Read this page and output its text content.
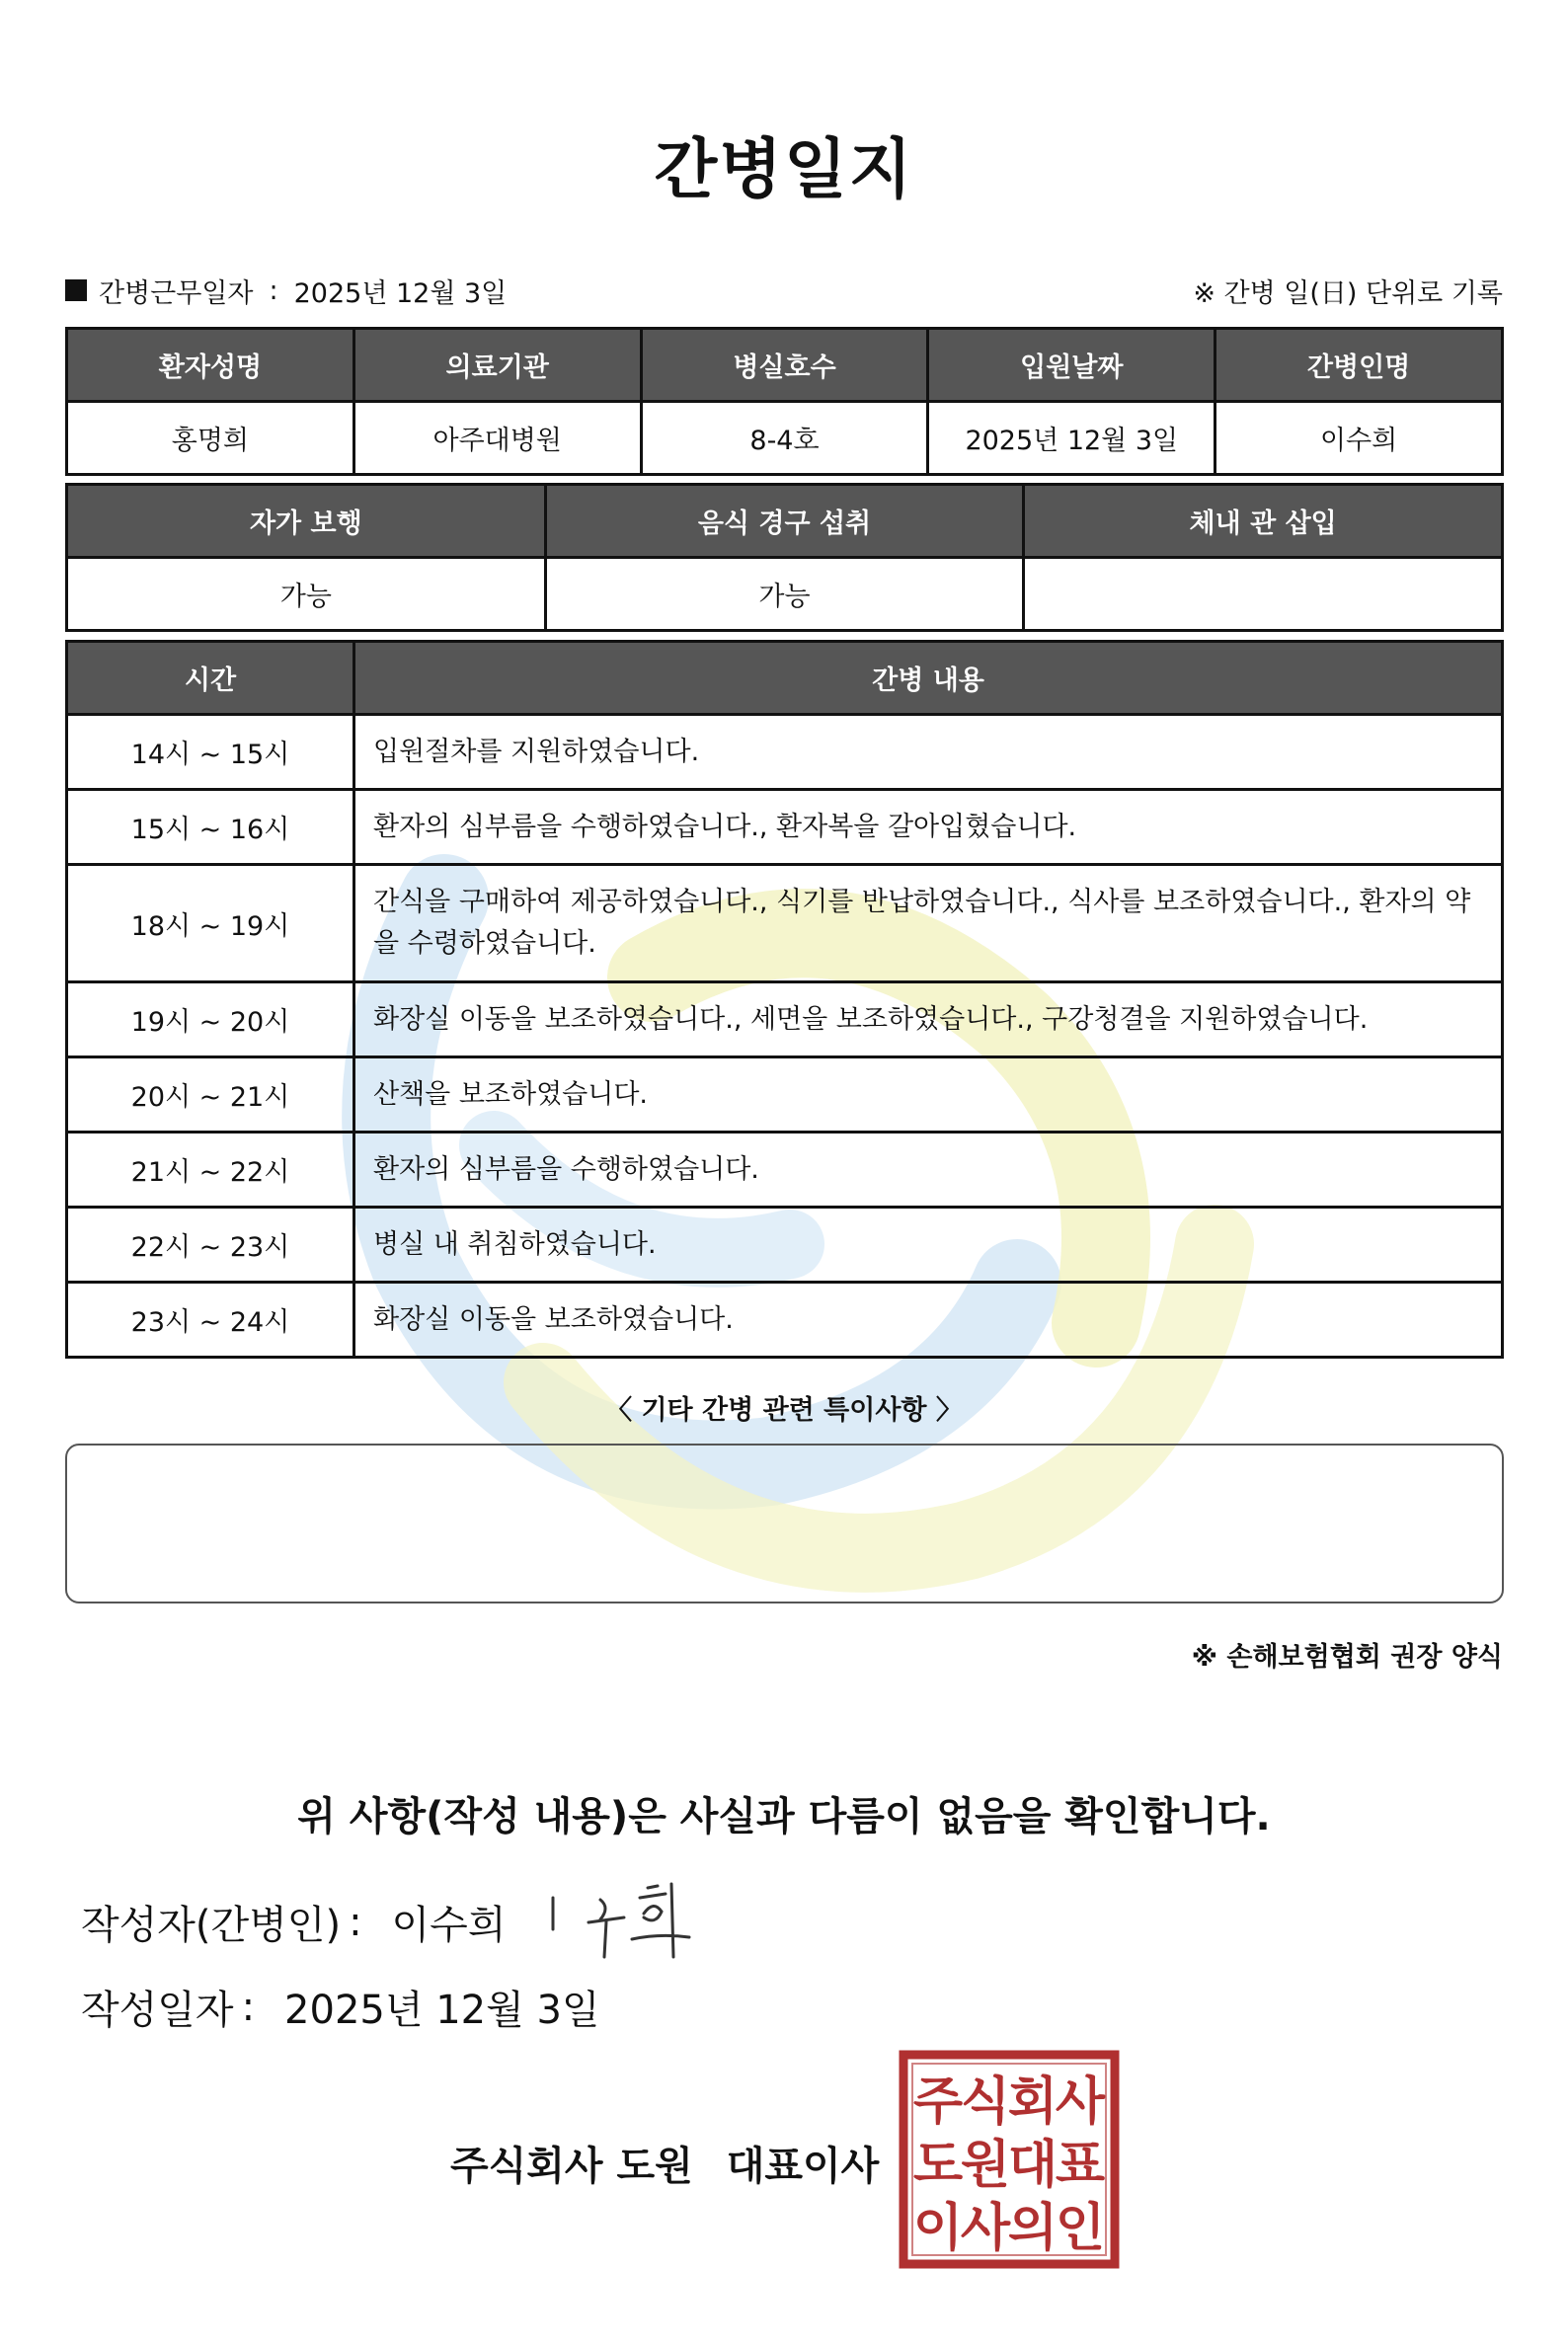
간병일지
간병근무일자 : 2025년 12월 3일	※ 간병 일(日) 단위로 기록
환자성명	의료기관	병실호수	입원날짜	간병인명
홍명희	아주대병원	8-4호	2025년 12월 3일	이수희
자가 보행	음식 경구 섭취	체내 관 삽입
가능	가능	
시간	간병 내용
14시 ~ 15시	입원절차를 지원하였습니다.
15시 ~ 16시	환자의 심부름을 수행하였습니다., 환자복을 갈아입혔습니다.
18시 ~ 19시	간식을 구매하여 제공하였습니다., 식기를 반납하였습니다., 식사를 보조하였습니다., 환자의 약을 수령하였습니다.
19시 ~ 20시	화장실 이동을 보조하였습니다., 세면을 보조하였습니다., 구강청결을 지원하였습니다.
20시 ~ 21시	산책을 보조하였습니다.
21시 ~ 22시	환자의 심부름을 수행하였습니다.
22시 ~ 23시	병실 내 취침하였습니다.
23시 ~ 24시	화장실 이동을 보조하였습니다.
〈 기타 간병 관련 특이사항 〉
※ 손해보험협회 권장 양식
위 사항(작성 내용)은 사실과 다름이 없음을 확인합니다.
작성자(간병인) : 이수희
작성일자 : 2025년 12월 3일
주식회사 도원 대표이사
주
식
회
사
도
원
대
표
이
사
의
인
